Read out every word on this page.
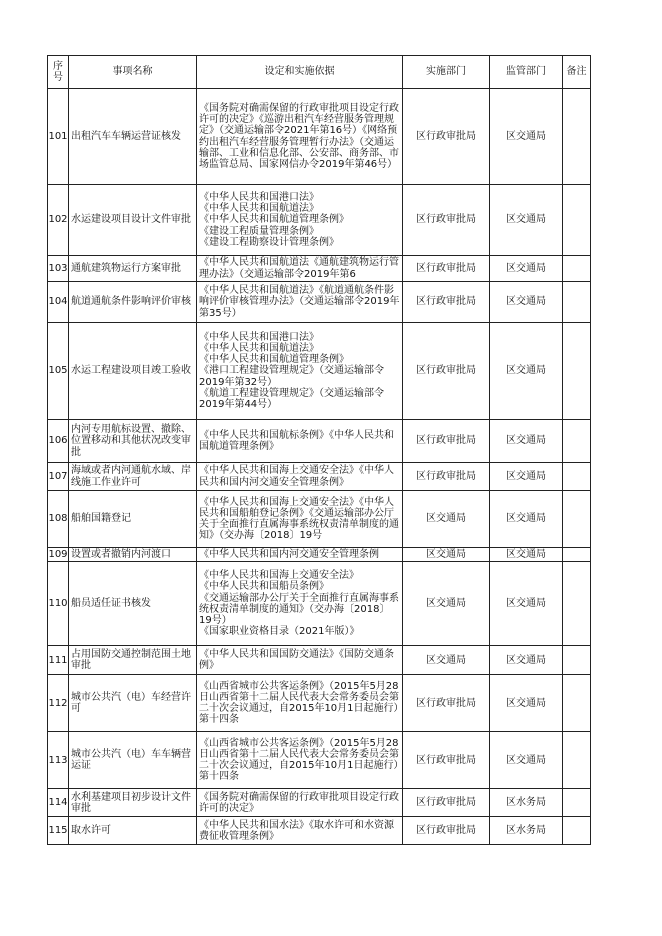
序
号	事项名称	设定和实施依据	实施部门	监管部门	备注
101	出租汽车车辆运营证核发	《国务院对确需保留的行政审批项目设定行政许可的决定》《巡游出租汽车经营服务管理规定》（交通运输部令2021年第16号）《网络预约出租汽车经营服务管理暂行办法》（交通运输部、工业和信息化部、公安部、商务部、市场监管总局、国家网信办令2019年第46号）	区行政审批局	区交通局	
102	水运建设项目设计文件审批	《中华人民共和国港口法》
《中华人民共和国航道法》
《中华人民共和国航道管理条例》
《建设工程质量管理条例》
《建设工程勘察设计管理条例》	区行政审批局	区交通局	
103	通航建筑物运行方案审批	《中华人民共和国航道法《通航建筑物运行管理办法》（交通运输部令2019年第6	区行政审批局	区交通局	
104	航道通航条件影响评价审核	《中华人民共和国航道法》《航道通航条件影响评价审核管理办法》（交通运输部令2019年第35号）	区行政审批局	区交通局	
105	水运工程建设项目竣工验收	《中华人民共和国港口法》
《中华人民共和国航道法》
《中华人民共和国航道管理条例》
《港口工程建设管理规定》（交通运输部令2019年第32号）
《航道工程建设管理规定》（交通运输部令2019年第44号）	区行政审批局	区交通局	
106	内河专用航标设置、撤除、位置移动和其他状况改变审批	《中华人民共和国航标条例》《中华人民共和国航道管理条例》	区行政审批局	区交通局	
107	海域或者内河通航水域、岸线施工作业许可	《中华人民共和国海上交通安全法》《中华人民共和国内河交通安全管理条例》	区行政审批局	区交通局	
108	船舶国籍登记	《中华人民共和国海上交通安全法》《中华人民共和国船舶登记条例》《交通运输部办公厅关于全面推行直属海事系统权责清单制度的通知》（交办海〔2018〕19号	区交通局	区交通局	
109	设置或者撤销内河渡口	《中华人民共和国内河交通安全管理条例	区交通局	区交通局	
110	船员适任证书核发	《中华人民共和国海上交通安全法》
《中华人民共和国船员条例》
《交通运输部办公厅关于全面推行直属海事系统权责清单制度的通知》（交办海〔2018〕19号）
《国家职业资格目录（2021年版）》	区交通局	区交通局	
111	占用国防交通控制范围土地审批	《中华人民共和国国防交通法》《国防交通条例》	区交通局	区交通局	
112	城市公共汽（电）车经营许可	《山西省城市公共客运条例》（2015年5月28日山西省第十二届人民代表大会常务委员会第二十次会议通过，自2015年10月1日起施行）第十四条	区行政审批局	区交通局	
113	城市公共汽（电）车车辆营运证	《山西省城市公共客运条例》（2015年5月28日山西省第十二届人民代表大会常务委员会第二十次会议通过，自2015年10月1日起施行）第十四条	区行政审批局	区交通局	
114	水利基建项目初步设计文件审批	《国务院对确需保留的行政审批项目设定行政许可的决定》	区行政审批局	区水务局	
115	取水许可	《中华人民共和国水法》《取水许可和水资源费征收管理条例》	区行政审批局	区水务局	
